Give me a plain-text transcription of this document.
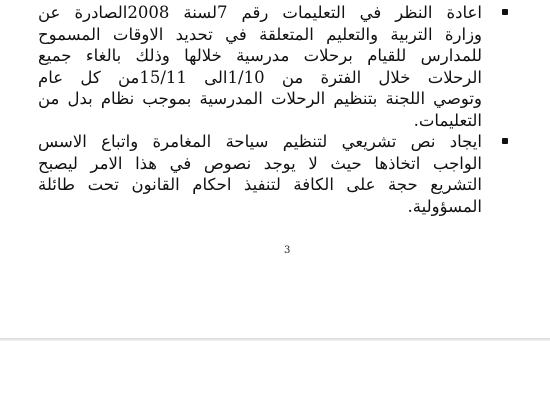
اعادة النظر في التعليمات رقم 7لسنة 2008الصادرة عن
وزارة التربية والتعليم المتعلقة في تحديد الاوقات المسموح
للمدارس للقيام برحلات مدرسية خلالها وذلك بالغاء جميع
الرحلات خلال الفترة من 1/10الى 15/11من كل عام
وتوصي اللجنة بتنظيم الرحلات المدرسية بموجب نظام بدل من
التعليمات.
ايجاد نص تشريعي لتنظيم سياحة المغامرة واتباع الاسس
الواجب اتخاذها حيث لا يوجد نصوص في هذا الامر ليصبح
التشريع حجة على الكافة لتنفيذ احكام القانون تحت طائلة
المسؤولية.
3
